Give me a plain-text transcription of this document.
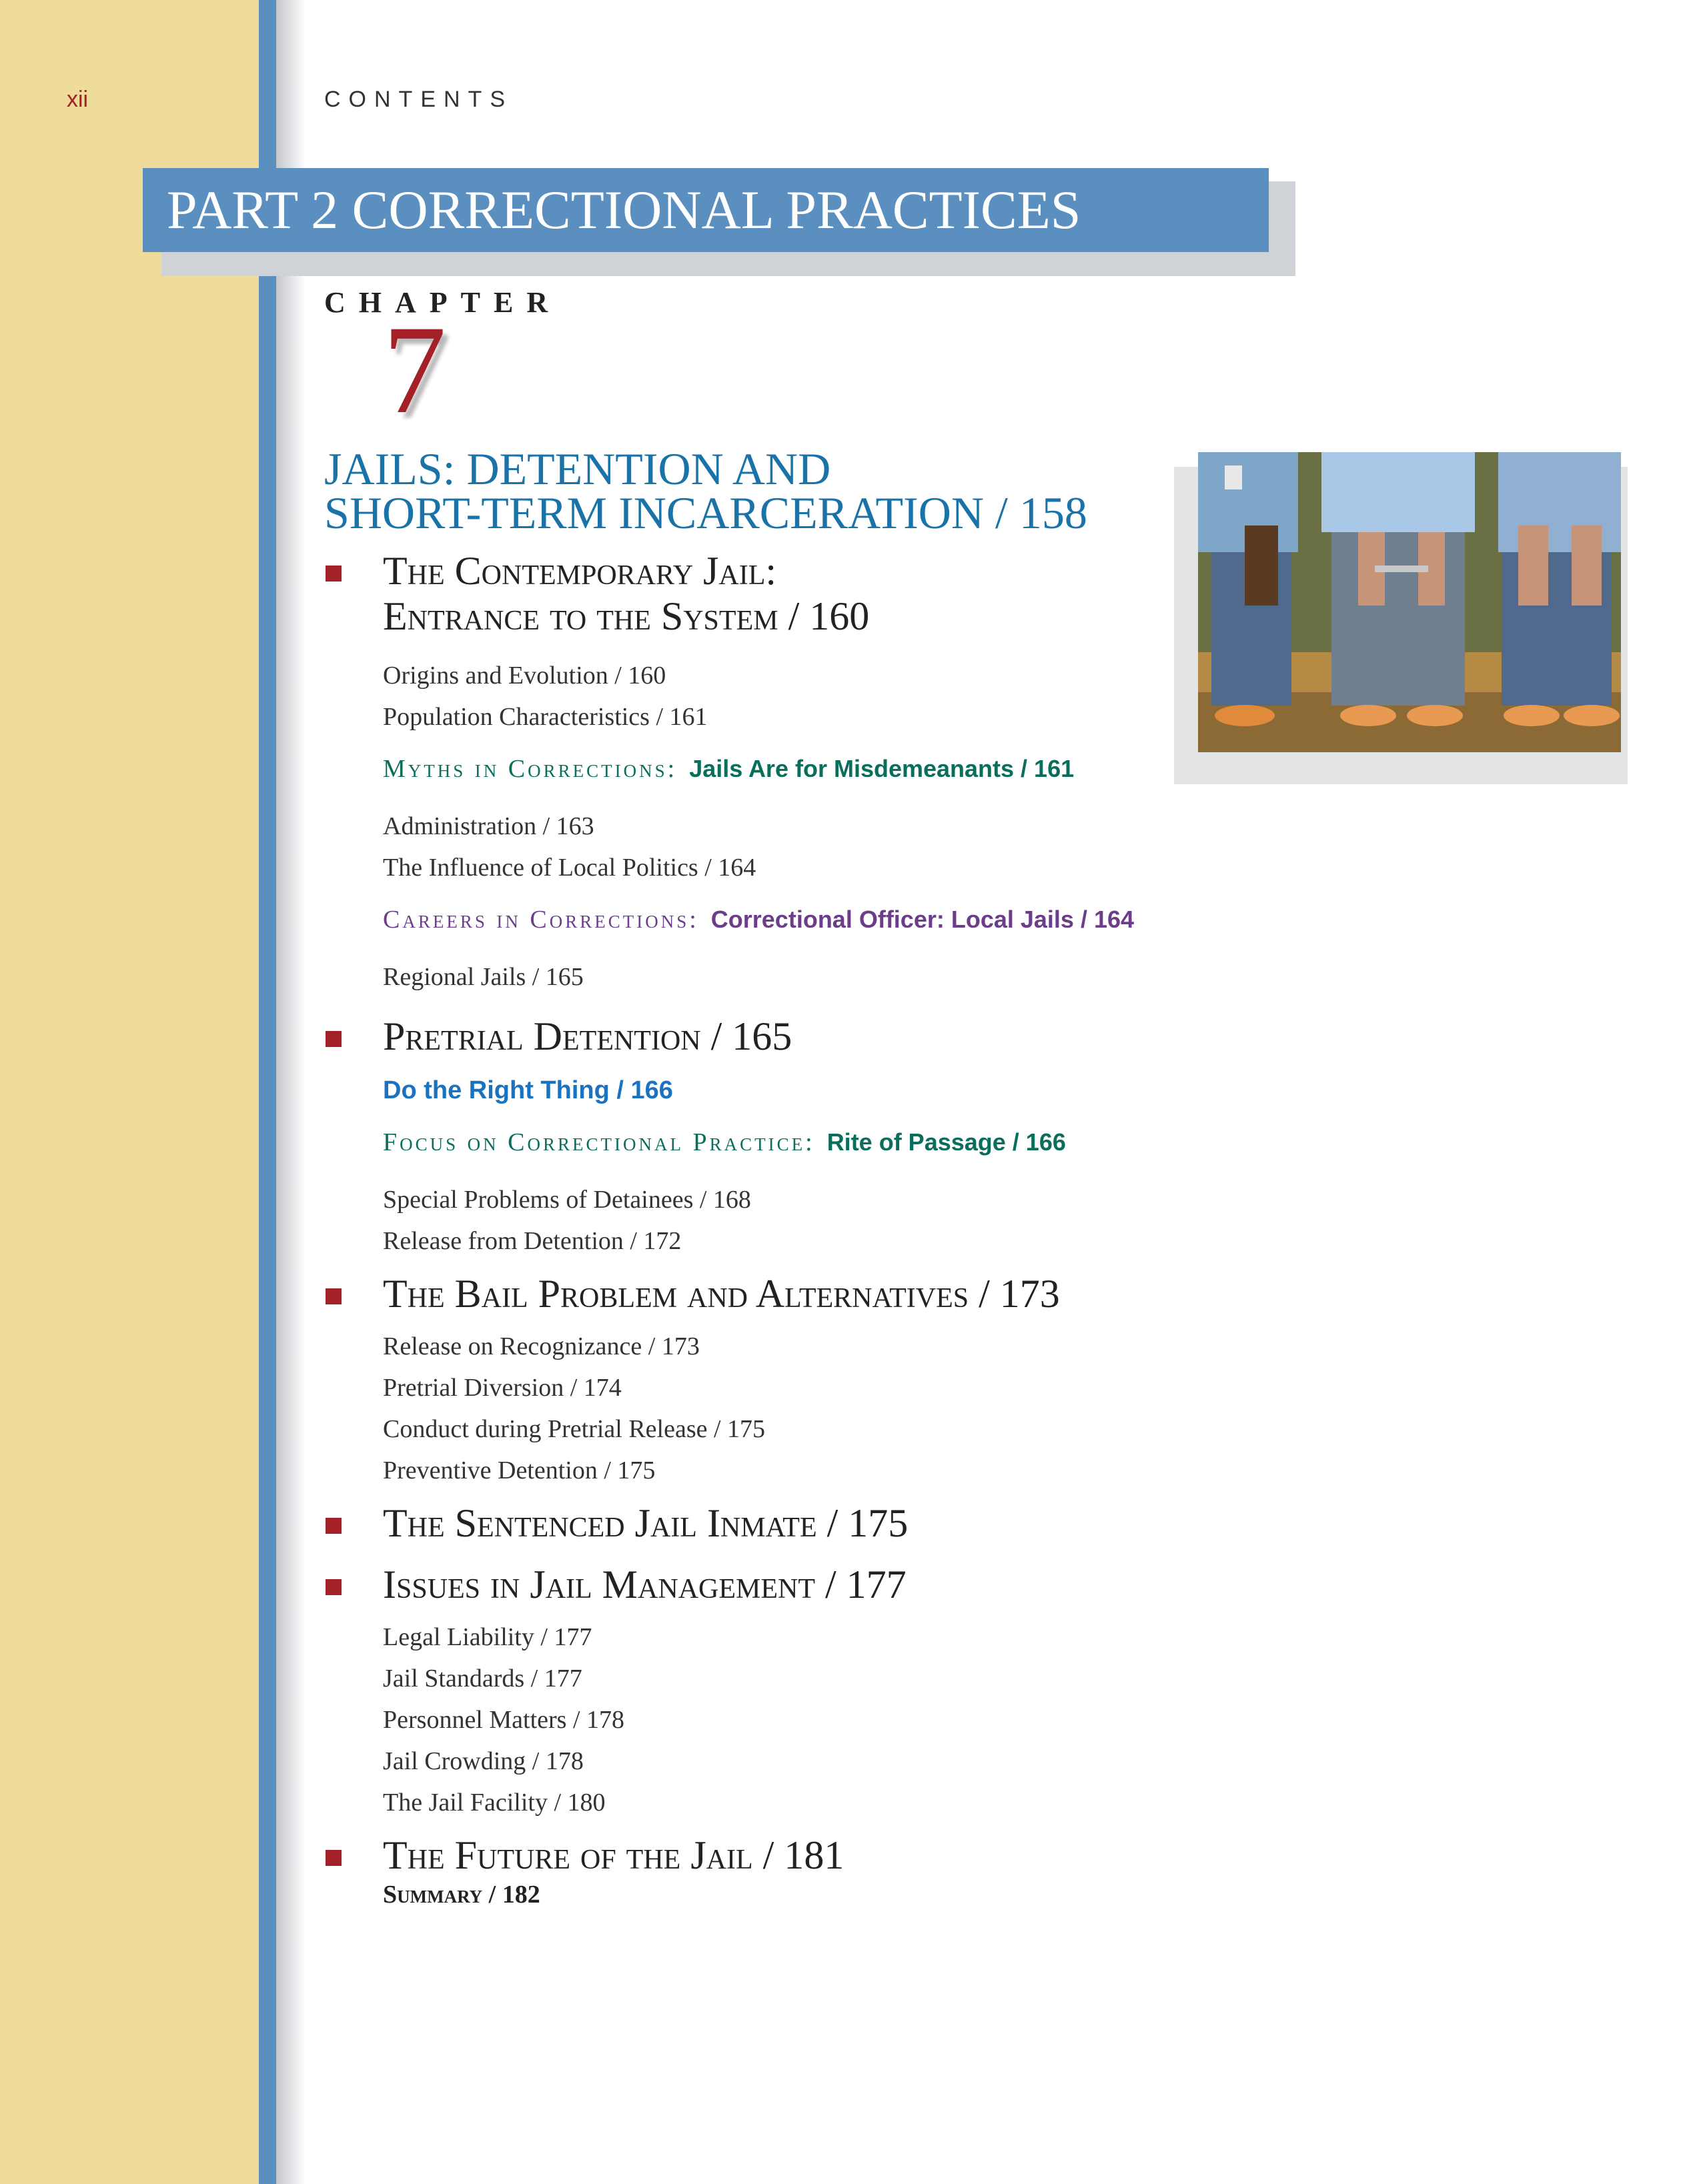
xii	CONTENTS
PART 2 CORRECTIONAL PRACTICES
CHAPTER
7
JAILS: DETENTION AND
SHORT-TERM INCARCERATION / 158
The Contemporary Jail:
Entrance to the System / 160
Origins and Evolution / 160
Population Characteristics / 161
Myths in Corrections: Jails Are for Misdemeanants / 161
Administration / 163
The Influence of Local Politics / 164
Careers in Corrections: Correctional Officer: Local Jails / 164
Regional Jails / 165
Pretrial Detention / 165
Do the Right Thing / 166
Focus on Correctional Practice: Rite of Passage / 166
Special Problems of Detainees / 168
Release from Detention / 172
The Bail Problem and Alternatives / 173
Release on Recognizance / 173
Pretrial Diversion / 174
Conduct during Pretrial Release / 175
Preventive Detention / 175
The Sentenced Jail Inmate / 175
Issues in Jail Management / 177
Legal Liability / 177
Jail Standards / 177
Personnel Matters / 178
Jail Crowding / 178
The Jail Facility / 180
The Future of the Jail / 181
Summary / 182
